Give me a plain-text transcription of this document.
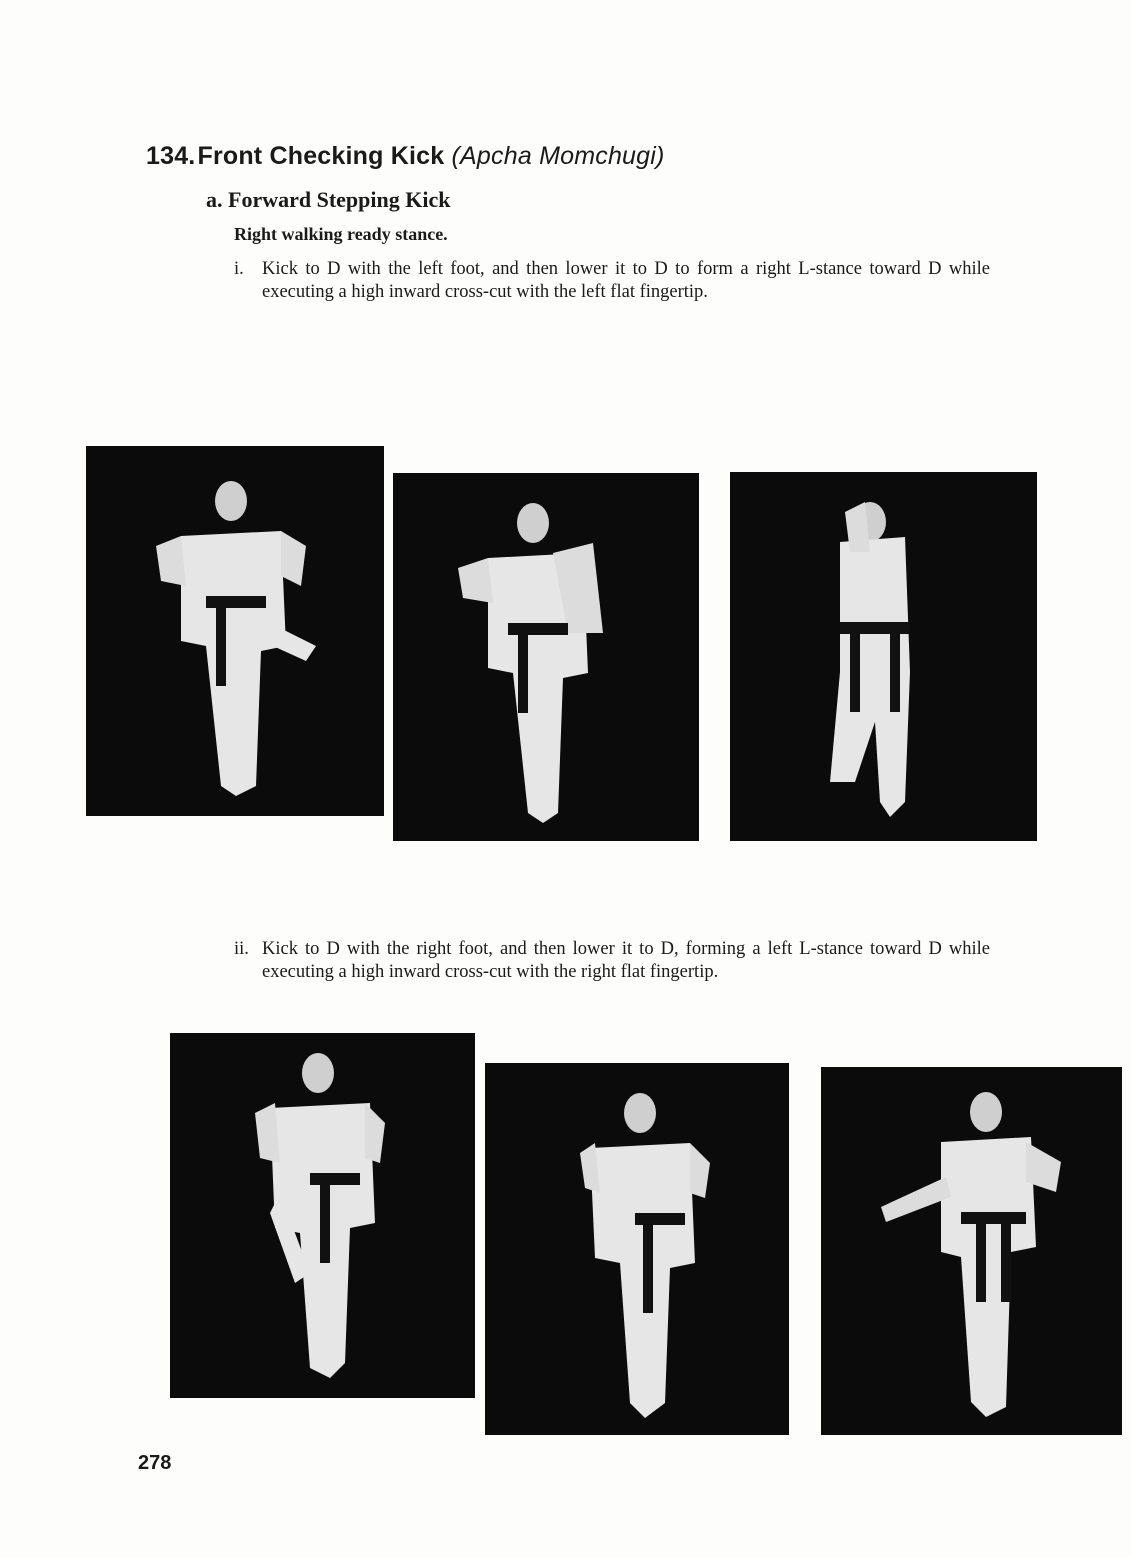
134.Front Checking Kick (Apcha Momchugi)
a. Forward Stepping Kick
Right walking ready stance.
i. Kick to D with the left foot, and then lower it to D to form a right L-stance toward D while executing a high inward cross-cut with the left flat fingertip.
ii. Kick to D with the right foot, and then lower it to D, forming a left L-stance toward D while executing a high inward cross-cut with the right flat fingertip.
278
